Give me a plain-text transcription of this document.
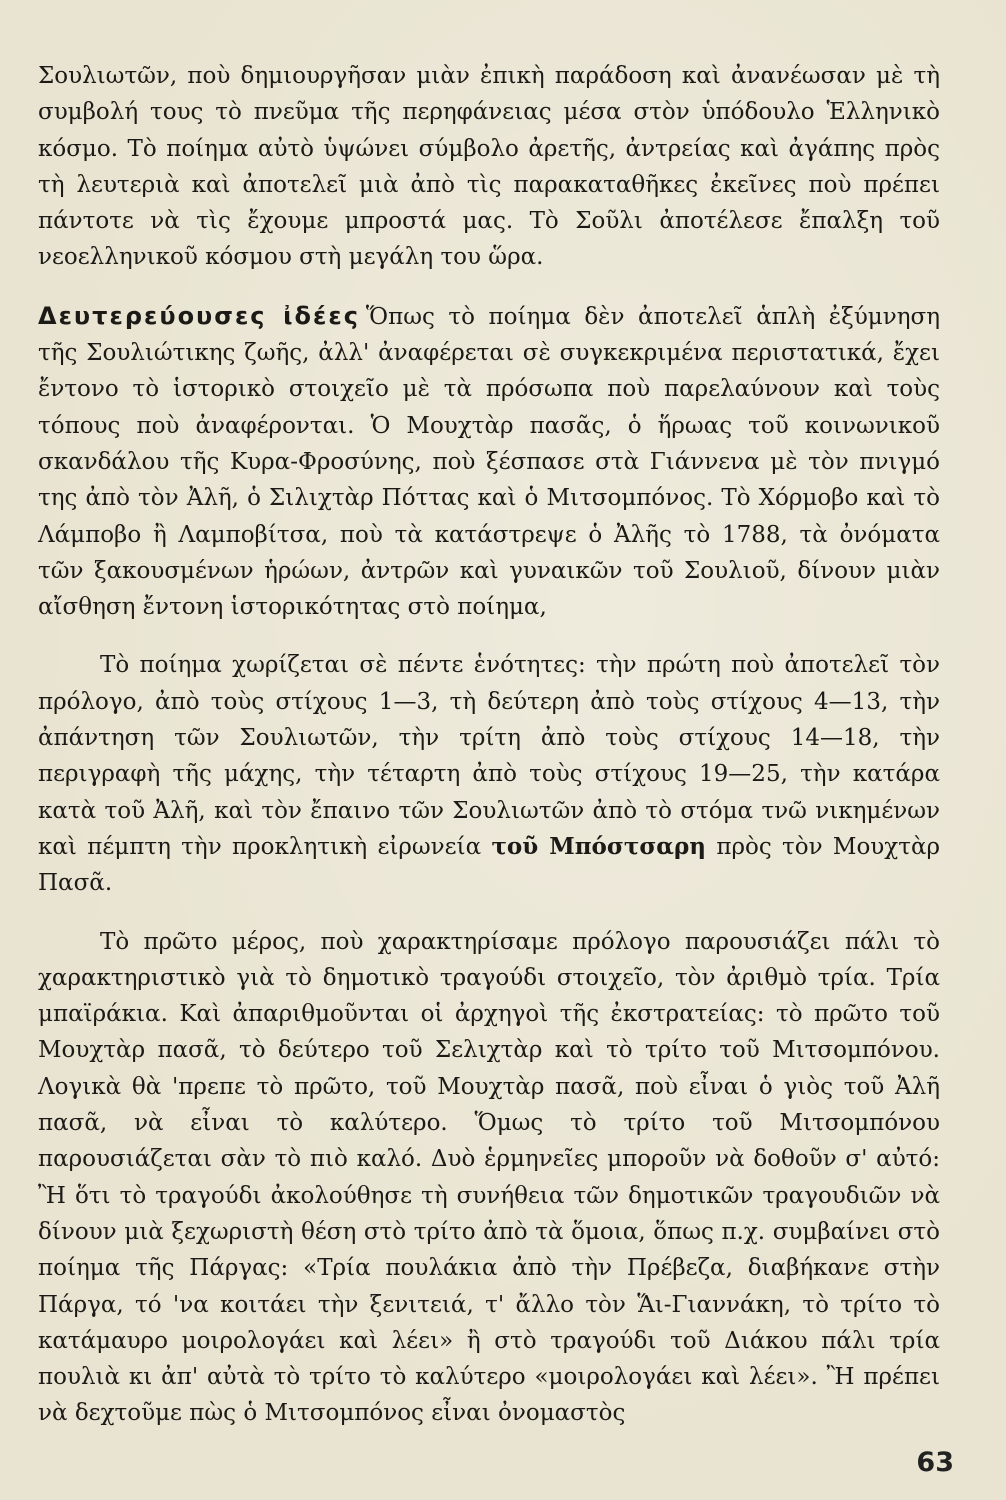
Σουλιωτῶν, ποὺ δημιουργῆσαν μιὰν ἐπικὴ παράδοση καὶ ἀνανέωσαν μὲ τὴ συμβολή τους τὸ πνεῦμα τῆς περηφάνειας μέσα στὸν ὑπόδουλο Ἑλληνικὸ κόσμο. Τὸ ποίημα αὐτὸ ὑψώνει σύμβολο ἀρετῆς, ἀντρείας καὶ ἀγάπης πρὸς τὴ λευτεριὰ καὶ ἀποτελεῖ μιὰ ἀπὸ τὶς παρακαταθῆκες ἐκεῖνες ποὺ πρέπει πάντοτε νὰ τὶς ἔχουμε μπροστά μας. Τὸ Σοῦλι ἀποτέλεσε ἔπαλξη τοῦ νεοελληνικοῦ κόσμου στὴ μεγάλη του ὥρα.

Δευτερεύουσες ἰδέες Ὅπως τὸ ποίημα δὲν ἀποτελεῖ ἁπλὴ ἐξύμνηση τῆς Σουλιώτικης ζωῆς, ἀλλ' ἀναφέρεται σὲ συγκεκριμένα περιστατικά, ἔχει ἔντονο τὸ ἱστορικὸ στοιχεῖο μὲ τὰ πρόσωπα ποὺ παρελαύνουν καὶ τοὺς τόπους ποὺ ἀναφέρονται. Ὁ Μουχτὰρ πασᾶς, ὁ ἥρωας τοῦ κοινωνικοῦ σκανδάλου τῆς Κυρα-Φροσύνης, ποὺ ξέσπασε στὰ Γιάννενα μὲ τὸν πνιγμό της ἀπὸ τὸν Ἀλῆ, ὁ Σιλιχτὰρ Πόττας καὶ ὁ Μιτσομπόνος. Τὸ Χόρμοβο καὶ τὸ Λάμποβο ἢ Λαμποβίτσα, ποὺ τὰ κατάστρεψε ὁ Ἀλῆς τὸ 1788, τὰ ὀνόματα τῶν ξακουσμένων ἡρώων, ἀντρῶν καὶ γυναικῶν τοῦ Σουλιοῦ, δίνουν μιὰν αἴσθηση ἔντονη ἱστορικότητας στὸ ποίημα,

Τὸ ποίημα χωρίζεται σὲ πέντε ἑνότητες: τὴν πρώτη ποὺ ἀποτελεῖ τὸν πρόλογο, ἀπὸ τοὺς στίχους 1—3, τὴ δεύτερη ἀπὸ τοὺς στίχους 4—13, τὴν ἀπάντηση τῶν Σουλιωτῶν, τὴν τρίτη ἀπὸ τοὺς στίχους 14—18, τὴν περιγραφὴ τῆς μάχης, τὴν τέταρτη ἀπὸ τοὺς στίχους 19—25, τὴν κατάρα κατὰ τοῦ Ἀλῆ, καὶ τὸν ἔπαινο τῶν Σουλιωτῶν ἀπὸ τὸ στόμα τνῶ νικημένων καὶ πέμπτη τὴν προκλητικὴ εἰρωνεία τοῦ Μπόστσαρη πρὸς τὸν Μουχτὰρ Πασᾶ.

Τὸ πρῶτο μέρος, ποὺ χαρακτηρίσαμε πρόλογο παρουσιάζει πάλι τὸ χαρακτηριστικὸ γιὰ τὸ δημοτικὸ τραγούδι στοιχεῖο, τὸν ἀριθμὸ τρία. Τρία μπαϊράκια. Καὶ ἀπαριθμοῦνται οἱ ἀρχηγοὶ τῆς ἐκστρατείας: τὸ πρῶτο τοῦ Μουχτὰρ πασᾶ, τὸ δεύτερο τοῦ Σελιχτὰρ καὶ τὸ τρίτο τοῦ Μιτσομπόνου. Λογικὰ θὰ 'πρεπε τὸ πρῶτο, τοῦ Μουχτὰρ πασᾶ, ποὺ εἶναι ὁ γιὸς τοῦ Ἀλῆ πασᾶ, νὰ εἶναι τὸ καλύτερο. Ὅμως τὸ τρίτο τοῦ Μιτσομπόνου παρουσιάζεται σὰν τὸ πιὸ καλό. Δυὸ ἑρμηνεῖες μποροῦν νὰ δοθοῦν σ' αὐτό: Ἢ ὅτι τὸ τραγούδι ἀκολούθησε τὴ συνήθεια τῶν δημοτικῶν τραγουδιῶν νὰ δίνουν μιὰ ξεχωριστὴ θέση στὸ τρίτο ἀπὸ τὰ ὅμοια, ὅπως π.χ. συμβαίνει στὸ ποίημα τῆς Πάργας: «Τρία πουλάκια ἀπὸ τὴν Πρέβεζα, διαβήκανε στὴν Πάργα, τό 'να κοιτάει τὴν ξενιτειά, τ' ἄλλο τὸν Ἅι-Γιαννάκη, τὸ τρίτο τὸ κατάμαυρο μοιρολογάει καὶ λέει» ἢ στὸ τραγούδι τοῦ Διάκου πάλι τρία πουλιὰ κι ἀπ' αὐτὰ τὸ τρίτο τὸ καλύτερο «μοιρολογάει καὶ λέει». Ἢ πρέπει νὰ δεχτοῦμε πὼς ὁ Μιτσομπόνος εἶναι ὀνομαστὸς

63
